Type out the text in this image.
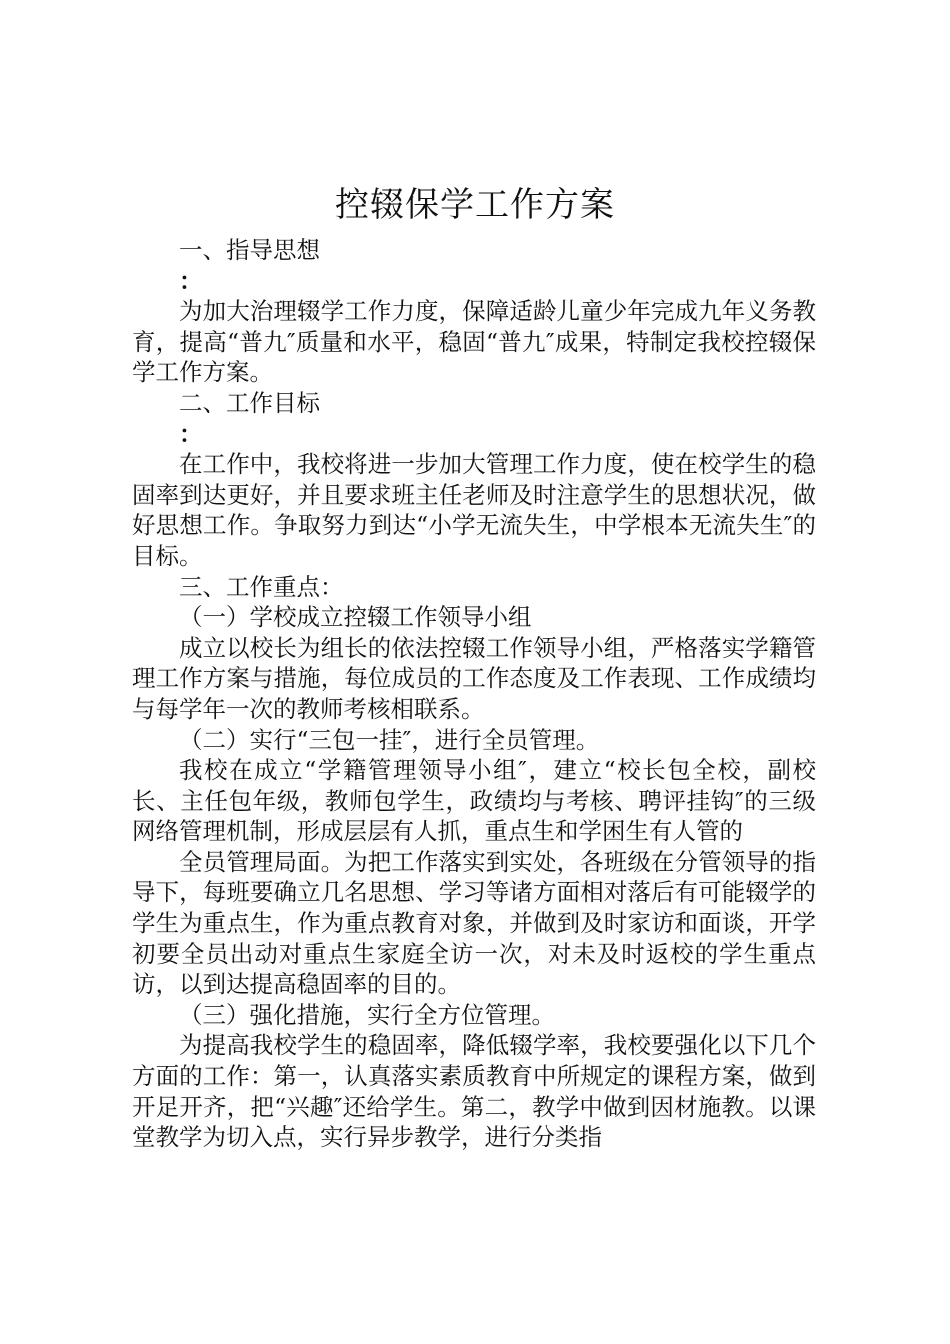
控辍保学工作方案

一、指导思想

：

为加大治理辍学工作力度，保障适龄儿童少年完成九年义务教育，提高“普九″质量和水平，稳固“普九″成果，特制定我校控辍保学工作方案。

二、工作目标

：

在工作中，我校将进一步加大管理工作力度，使在校学生的稳固率到达更好，并且要求班主任老师及时注意学生的思想状况，做好思想工作。争取努力到达“小学无流失生，中学根本无流失生″的目标。

三、工作重点：

（一）学校成立控辍工作领导小组

成立以校长为组长的依法控辍工作领导小组，严格落实学籍管理工作方案与措施，每位成员的工作态度及工作表现、工作成绩均与每学年一次的教师考核相联系。

（二）实行“三包一挂″，进行全员管理。

我校在成立“学籍管理领导小组″，建立“校长包全校，副校长、主任包年级，教师包学生，政绩均与考核、聘评挂钩″的三级网络管理机制，形成层层有人抓，重点生和学困生有人管的

全员管理局面。为把工作落实到实处，各班级在分管领导的指导下，每班要确立几名思想、学习等诸方面相对落后有可能辍学的学生为重点生，作为重点教育对象，并做到及时家访和面谈，开学初要全员出动对重点生家庭全访一次，对未及时返校的学生重点访，以到达提高稳固率的目的。

（三）强化措施，实行全方位管理。

为提高我校学生的稳固率，降低辍学率，我校要强化以下几个方面的工作：第一，认真落实素质教育中所规定的课程方案，做到开足开齐，把“兴趣″还给学生。第二，教学中做到因材施教。以课堂教学为切入点，实行异步教学，进行分类指
